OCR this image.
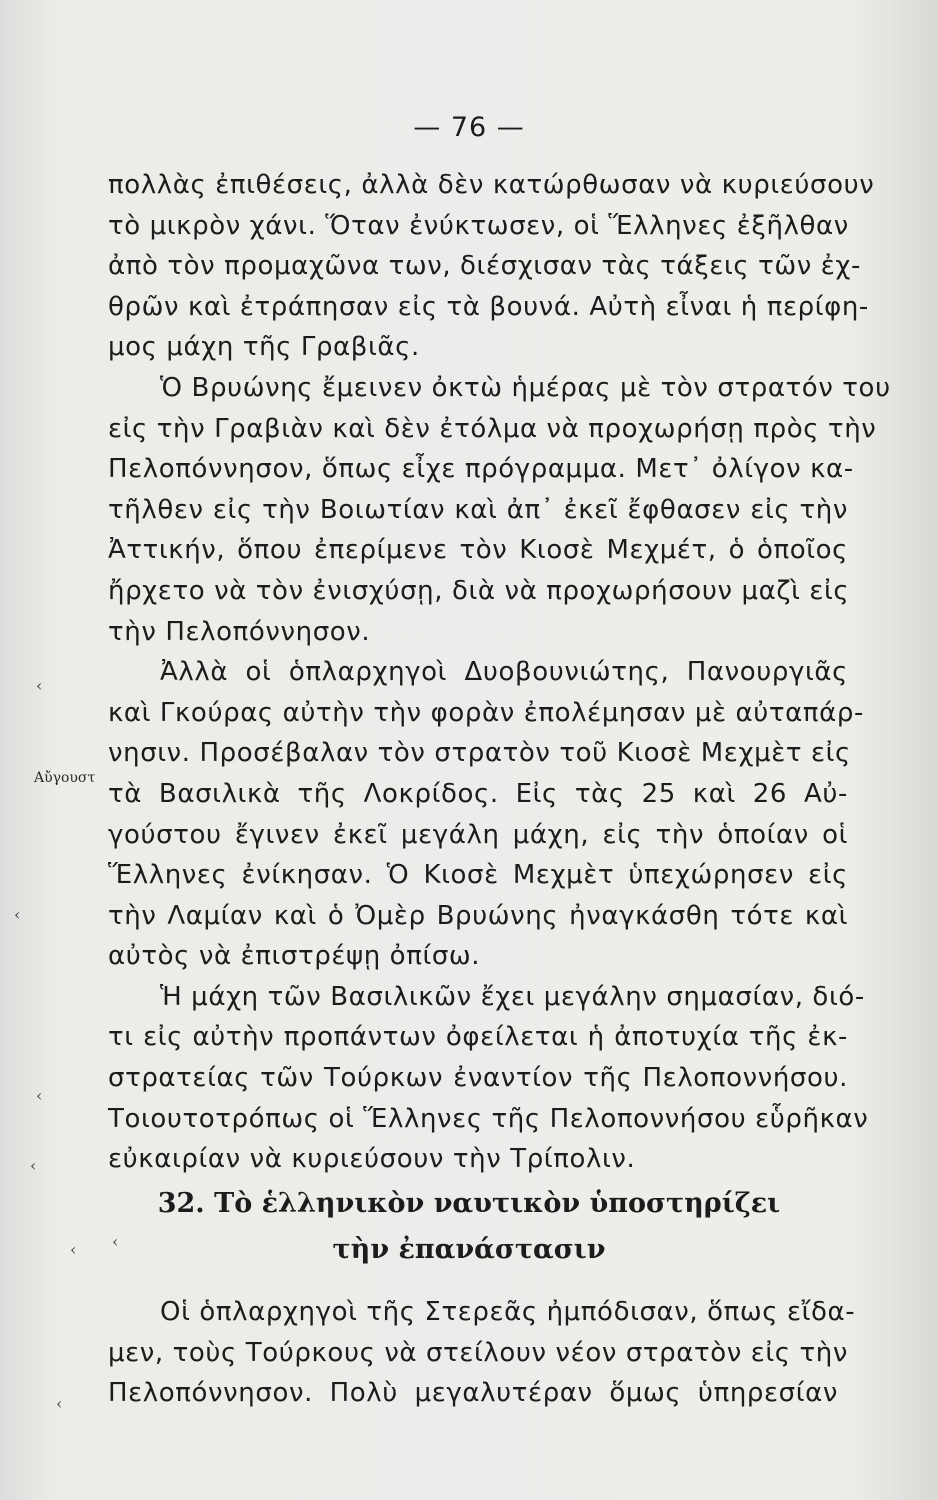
— 76 —
Αὔγουστ
πολλὰς ἐπιθέσεις, ἀλλὰ δὲν κατώρθωσαν νὰ κυριεύσουν
τὸ μικρὸν χάνι. Ὅταν ἐνύκτωσεν, οἱ Ἕλληνες ἐξῆλθαν
ἀπὸ τὸν προμαχῶνα των, διέσχισαν τὰς τάξεις τῶν ἐχ-
θρῶν καὶ ἐτράπησαν εἰς τὰ βουνά. Αὐτὴ εἶναι ἡ περίφη-
μος μάχη τῆς Γραβιᾶς.
Ὁ Βρυώνης ἔμεινεν ὀκτὼ ἡμέρας μὲ τὸν στρατόν του
εἰς τὴν Γραβιὰν καὶ δὲν ἐτόλμα νὰ προχωρήσῃ πρὸς τὴν
Πελοπόννησον, ὅπως εἶχε πρόγραμμα. Μετ᾽ ὀλίγον κα-
τῆλθεν εἰς τὴν Βοιωτίαν καὶ ἀπ᾽ ἐκεῖ ἔφθασεν εἰς τὴν
Ἀττικήν, ὅπου ἐπερίμενε τὸν Κιοσὲ Μεχμέτ, ὁ ὁποῖος
ἤρχετο νὰ τὸν ἐνισχύσῃ, διὰ νὰ προχωρήσουν μαζὶ εἰς
τὴν Πελοπόννησον.
Ἀλλὰ οἱ ὁπλαρχηγοὶ Δυοβουνιώτης, Πανουργιᾶς
καὶ Γκούρας αὐτὴν τὴν φορὰν ἐπολέμησαν μὲ αὐταπάρ-
νησιν. Προσέβαλαν τὸν στρατὸν τοῦ Κιοσὲ Μεχμὲτ εἰς
τὰ Βασιλικὰ τῆς Λοκρίδος. Εἰς τὰς 25 καὶ 26 Αὐ-
γούστου ἔγινεν ἐκεῖ μεγάλη μάχη, εἰς τὴν ὁποίαν οἱ
Ἕλληνες ἐνίκησαν. Ὁ Κιοσὲ Μεχμὲτ ὑπεχώρησεν εἰς
τὴν Λαμίαν καὶ ὁ Ὀμὲρ Βρυώνης ἠναγκάσθη τότε καὶ
αὐτὸς νὰ ἐπιστρέψῃ ὀπίσω.
Ἡ μάχη τῶν Βασιλικῶν ἔχει μεγάλην σημασίαν, διό-
τι εἰς αὐτὴν προπάντων ὀφείλεται ἡ ἀποτυχία τῆς ἐκ-
στρατείας τῶν Τούρκων ἐναντίον τῆς Πελοποννήσου.
Τοιουτοτρόπως οἱ Ἕλληνες τῆς Πελοποννήσου εὗρῆκαν
εὐκαιρίαν νὰ κυριεύσουν τὴν Τρίπολιν.
32. Τὸ ἑλληνικὸν ναυτικὸν ὑποστηρίζει
τὴν ἐπανάστασιν
Οἱ ὁπλαρχηγοὶ τῆς Στερεᾶς ἠμπόδισαν, ὅπως εἴδα-
μεν, τοὺς Τούρκους νὰ στείλουν νέον στρατὸν εἰς τὴν
Πελοπόννησον. Πολὺ μεγαλυτέραν ὅμως ὑπηρεσίαν
‹
‹
‹
‹
‹ ‹
‹
